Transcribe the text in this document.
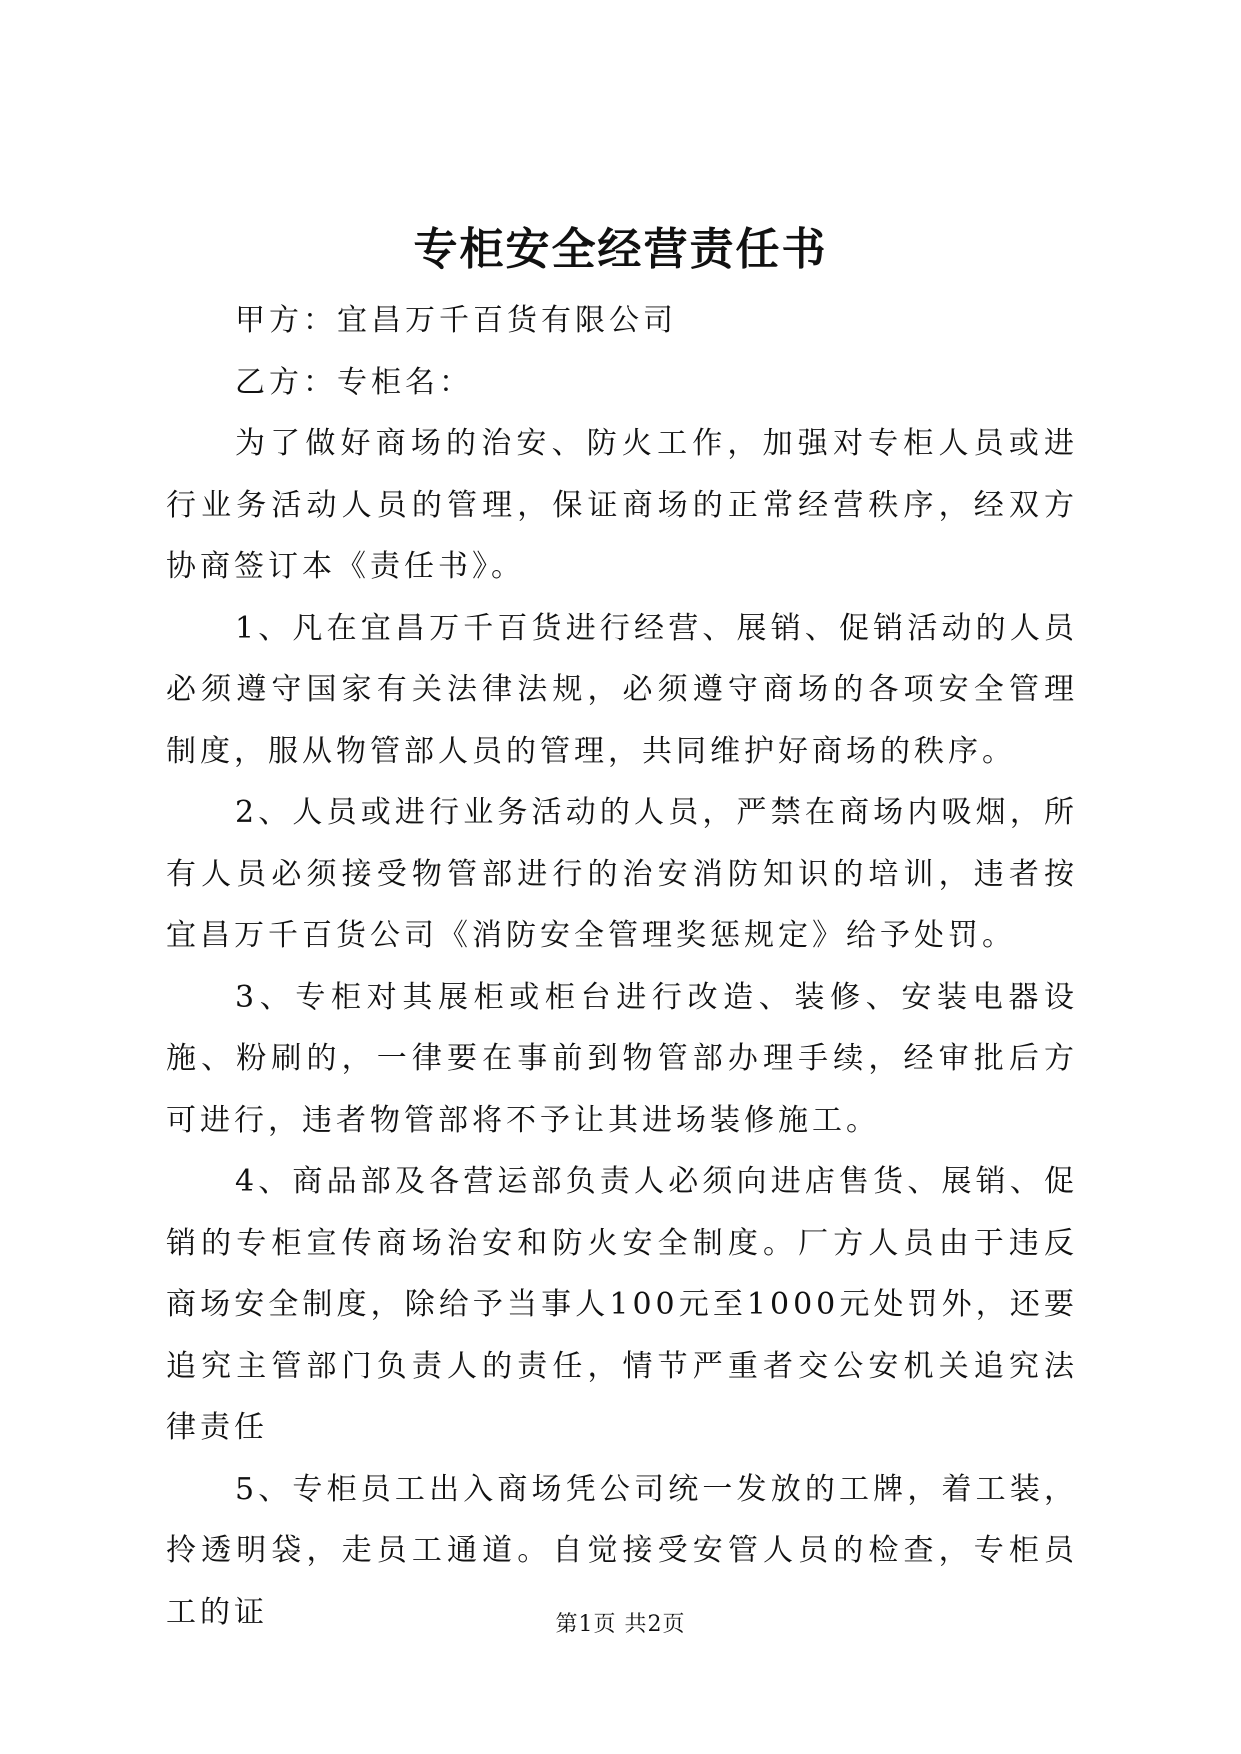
专柜安全经营责任书

甲方：宜昌万千百货有限公司

乙方：专柜名：

为了做好商场的治安、防火工作，加强对专柜人员或进行业务活动人员的管理，保证商场的正常经营秩序，经双方协商签订本《责任书》。

1、凡在宜昌万千百货进行经营、展销、促销活动的人员必须遵守国家有关法律法规，必须遵守商场的各项安全管理制度，服从物管部人员的管理，共同维护好商场的秩序。

2、人员或进行业务活动的人员，严禁在商场内吸烟，所有人员必须接受物管部进行的治安消防知识的培训，违者按宜昌万千百货公司《消防安全管理奖惩规定》给予处罚。

3、专柜对其展柜或柜台进行改造、装修、安装电器设施、粉刷的，一律要在事前到物管部办理手续，经审批后方可进行，违者物管部将不予让其进场装修施工。

4、商品部及各营运部负责人必须向进店售货、展销、促销的专柜宣传商场治安和防火安全制度。厂方人员由于违反商场安全制度，除给予当事人100元至1000元处罚外，还要追究主管部门负责人的责任，情节严重者交公安机关追究法律责任

5、专柜员工出入商场凭公司统一发放的工牌，着工装，拎透明袋，走员工通道。自觉接受安管人员的检查，专柜员工的证	第1页 共2页
